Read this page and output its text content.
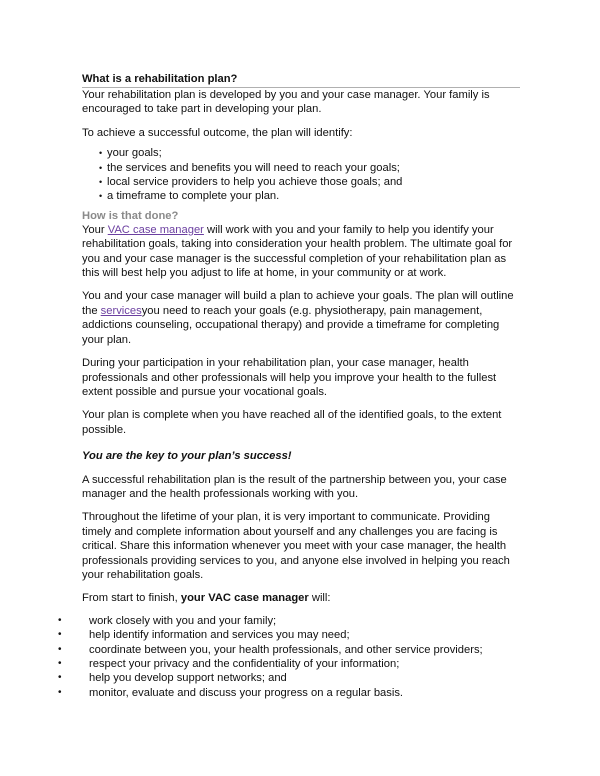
What is a rehabilitation plan?

Your rehabilitation plan is developed by you and your case manager. Your family is encouraged to take part in developing your plan.

To achieve a successful outcome, the plan will identify:

• your goals;
• the services and benefits you will need to reach your goals;
• local service providers to help you achieve those goals; and
• a timeframe to complete your plan.
How is that done?

Your VAC case manager will work with you and your family to help you identify your rehabilitation goals, taking into consideration your health problem. The ultimate goal for you and your case manager is the successful completion of your rehabilitation plan as this will best help you adjust to life at home, in your community or at work.

You and your case manager will build a plan to achieve your goals. The plan will outline the servicesyou need to reach your goals (e.g. physiotherapy, pain management, addictions counseling, occupational therapy) and provide a timeframe for completing your plan.

During your participation in your rehabilitation plan, your case manager, health professionals and other professionals will help you improve your health to the fullest extent possible and pursue your vocational goals.

Your plan is complete when you have reached all of the identified goals, to the extent possible.

You are the key to your plan’s success!

A successful rehabilitation plan is the result of the partnership between you, your case manager and the health professionals working with you.

Throughout the lifetime of your plan, it is very important to communicate. Providing timely and complete information about yourself and any challenges you are facing is critical. Share this information whenever you meet with your case manager, the health professionals providing services to you, and anyone else involved in helping you reach your rehabilitation goals.

From start to finish, your VAC case manager will:

• work closely with you and your family;
• help identify information and services you may need;
• coordinate between you, your health professionals, and other service providers;
• respect your privacy and the confidentiality of your information;
• help you develop support networks; and
• monitor, evaluate and discuss your progress on a regular basis.
